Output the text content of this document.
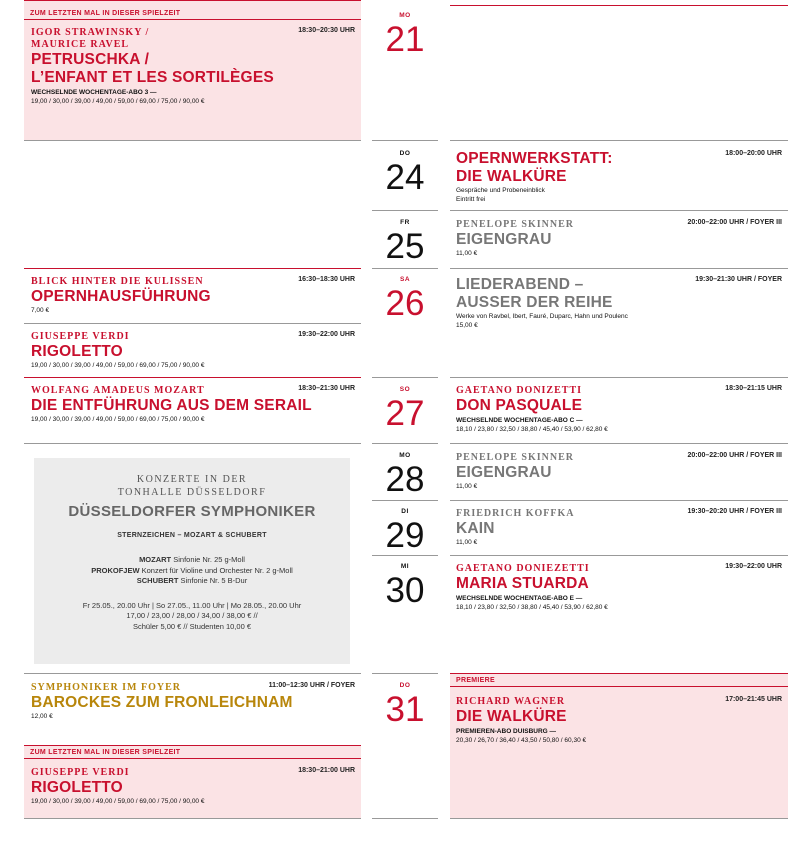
ZUM LETZTEN MAL IN DIESER SPIELZEIT
18:30–20:30 UHR
IGOR STRAWINSKY /
MAURICE RAVEL
PETRUSCHKA /
L’ENFANT ET LES SORTILÈGES
WECHSELNDE WOCHENTAGE-ABO 3 —
19,00 / 30,00 / 39,00 / 49,00 / 59,00 / 69,00 / 75,00 / 90,00 €
16:30–18:30 UHR
BLICK HINTER DIE KULISSEN
OPERNHAUSFÜHRUNG
7,00 €
19:30–22:00 UHR
GIUSEPPE VERDI
RIGOLETTO
19,00 / 30,00 / 39,00 / 49,00 / 59,00 / 69,00 / 75,00 / 90,00 €
18:30–21:30 UHR
WOLFANG AMADEUS MOZART
DIE ENTFÜHRUNG AUS DEM SERAIL
19,00 / 30,00 / 39,00 / 49,00 / 59,00 / 69,00 / 75,00 / 90,00 €
KONZERTE IN DER
TONHALLE DÜSSELDORF
DÜSSELDORFER SYMPHONIKER
STERNZEICHEN – MOZART & SCHUBERT
MOZART Sinfonie Nr. 25 g-Moll
PROKOFJEW Konzert für Violine und Orchester Nr. 2 g-Moll
SCHUBERT Sinfonie Nr. 5 B-Dur
Fr 25.05., 20.00 Uhr | So 27.05., 11.00 Uhr | Mo 28.05., 20.00 Uhr
17,00 / 23,00 / 28,00 / 34,00 / 38,00 € //
Schüler 5,00 € // Studenten 10,00 €
11:00–12:30 UHR / FOYER
SYMPHONIKER IM FOYER
BAROCKES ZUM FRONLEICHNAM
12,00 €
ZUM LETZTEN MAL IN DIESER SPIELZEIT
18:30–21:00 UHR
GIUSEPPE VERDI
RIGOLETTO
19,00 / 30,00 / 39,00 / 49,00 / 59,00 / 69,00 / 75,00 / 90,00 €
MO
21
DO
24
FR
25
SA
26
SO
27
MO
28
DI
29
MI
30
DO
31
18:00–20:00 UHR
OPERNWERKSTATT:
DIE WALKÜRE
Gespräche und Probeneinblick
Eintritt frei
20:00–22:00 UHR / FOYER III
PENELOPE SKINNER
EIGENGRAU
11,00 €
19:30–21:30 UHR / FOYER
LIEDERABEND –
AUSSER DER REIHE
Werke von Ravbel, Ibert, Fauré, Duparc, Hahn und Poulenc
15,00 €
18:30–21:15 UHR
GAETANO DONIZETTI
DON PASQUALE
WECHSELNDE WOCHENTAGE-ABO C —
18,10 / 23,80 / 32,50 / 38,80 / 45,40 / 53,90 / 62,80 €
20:00–22:00 UHR / FOYER III
PENELOPE SKINNER
EIGENGRAU
11,00 €
19:30–20:20 UHR / FOYER III
FRIEDRICH KOFFKA
KAIN
11,00 €
19:30–22:00 UHR
GAETANO DONIEZETTI
MARIA STUARDA
WECHSELNDE WOCHENTAGE-ABO E —
18,10 / 23,80 / 32,50 / 38,80 / 45,40 / 53,90 / 62,80 €
PREMIERE
17:00–21:45 UHR
RICHARD WAGNER
DIE WALKÜRE
PREMIEREN-ABO DUISBURG —
20,30 / 26,70 / 36,40 / 43,50 / 50,80 / 60,30 €
